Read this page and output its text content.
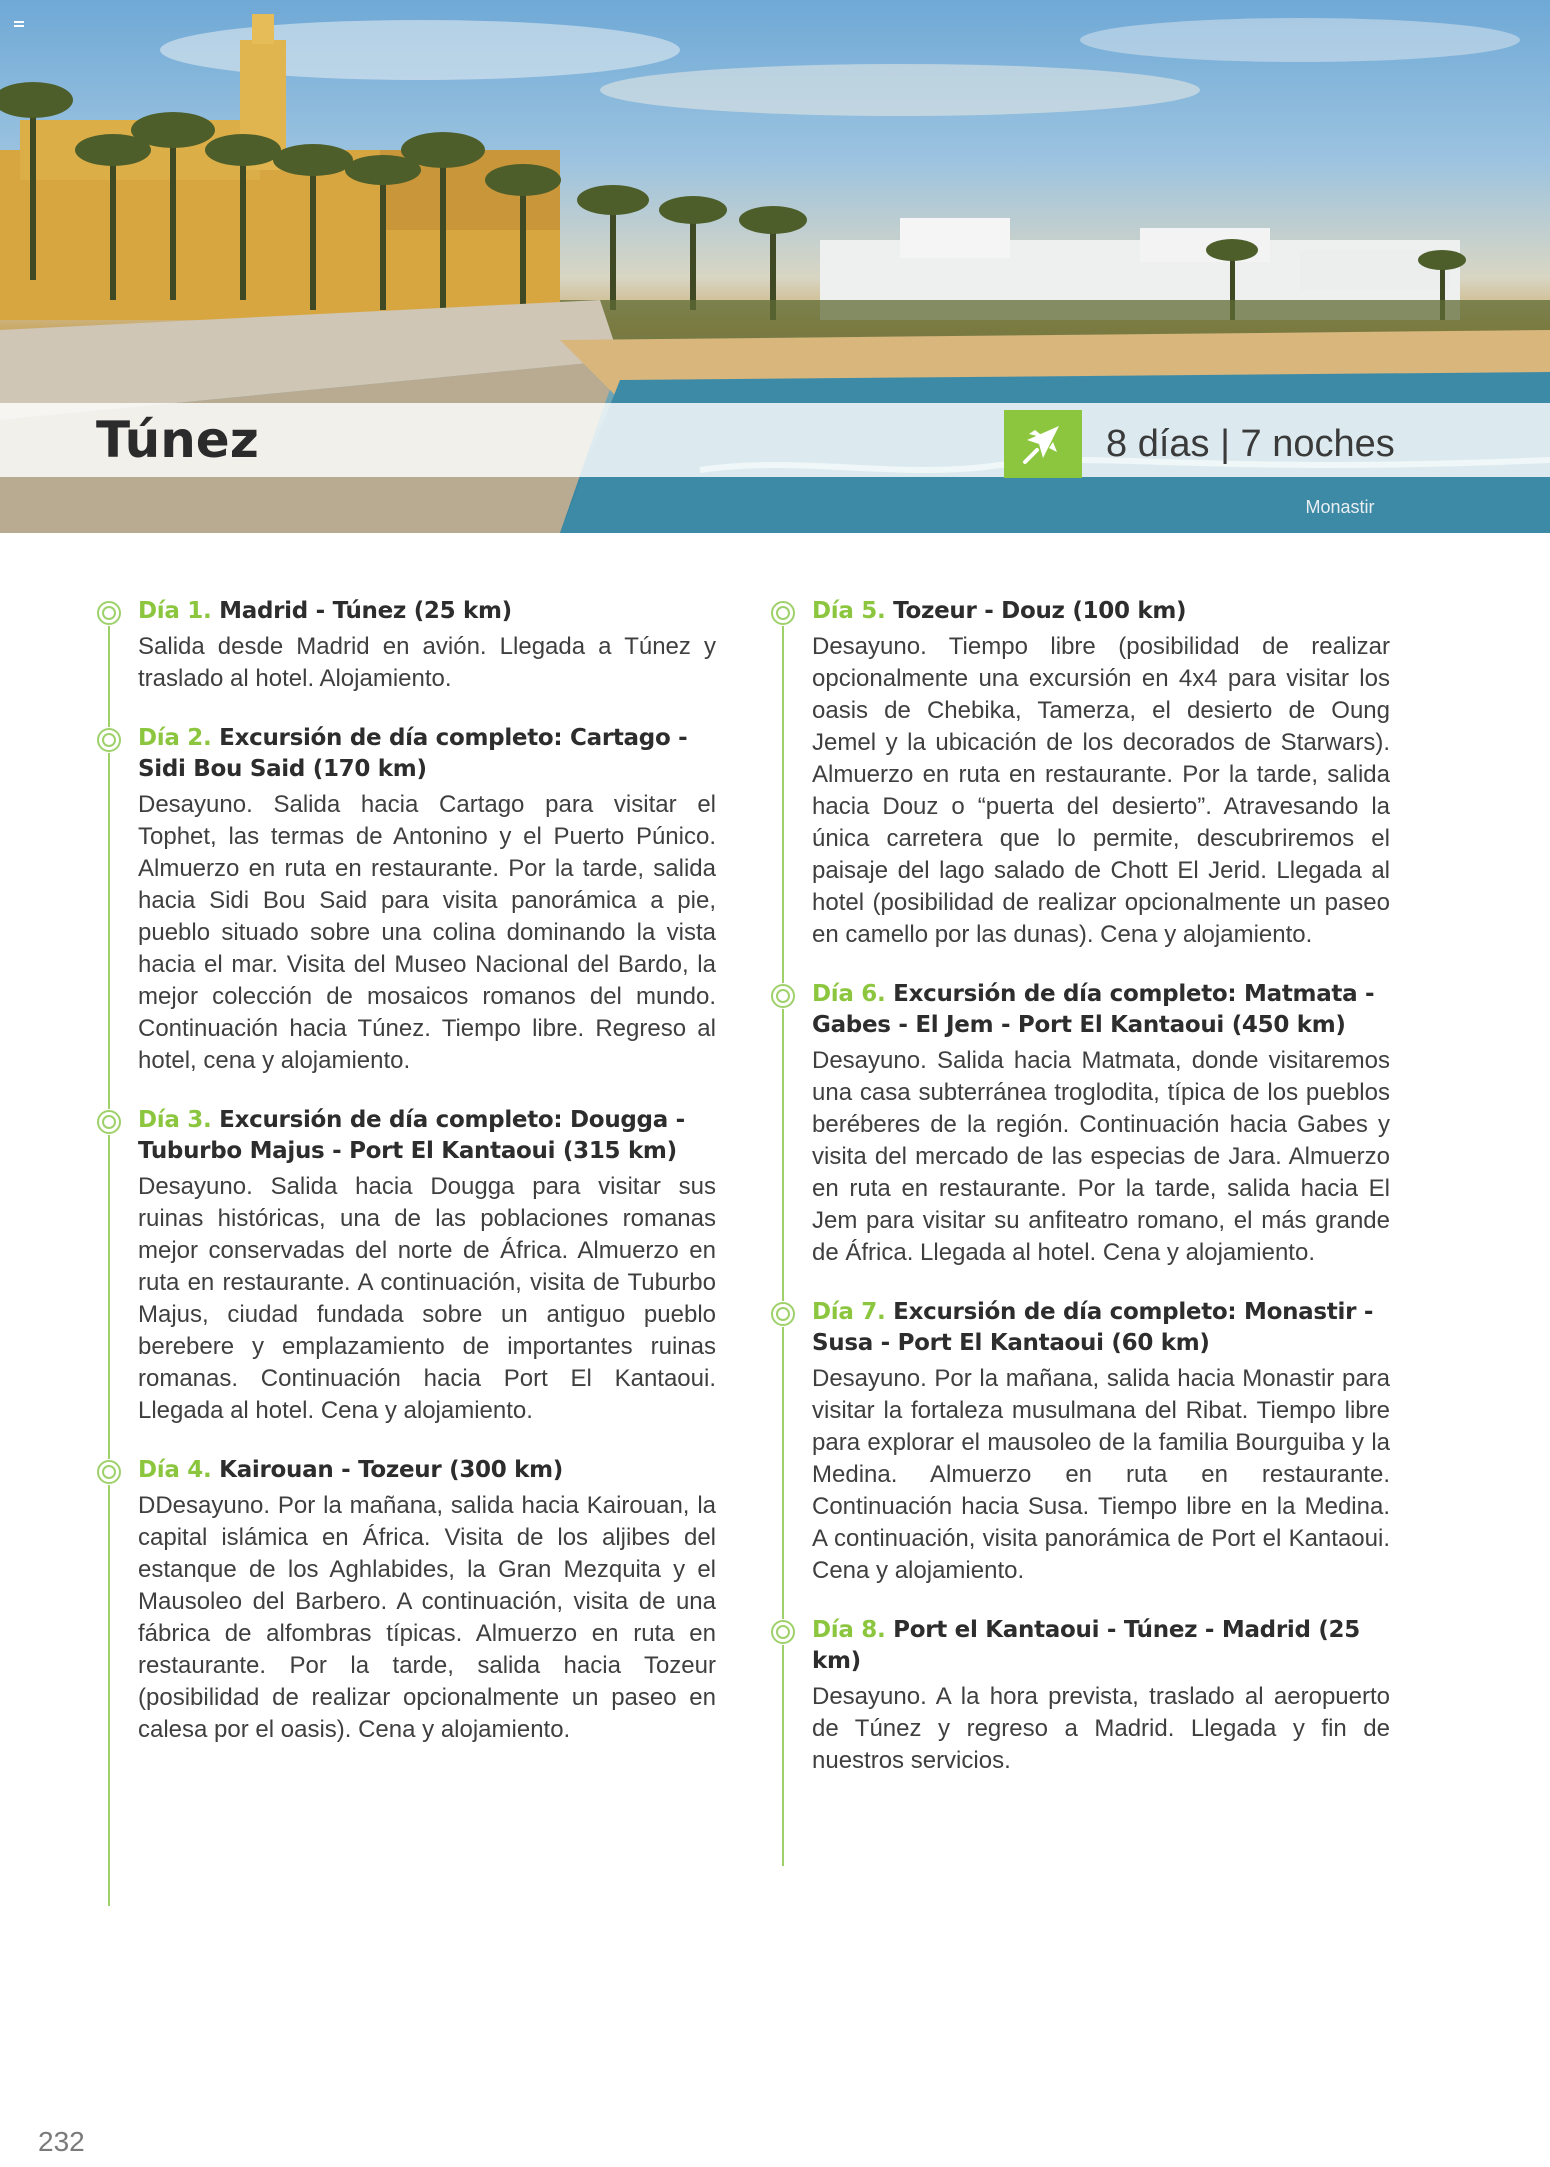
Túnez	8 días | 7 noches
Monastir
Día 1. Madrid - Túnez (25 km)
Salida desde Madrid en avión. Llegada a Túnez y traslado al hotel. Alojamiento.
Día 2. Excursión de día completo: Cartago - Sidi Bou Said (170 km)
Desayuno. Salida hacia Cartago para visitar el Tophet, las termas de Antonino y el Puerto Púnico. Almuerzo en ruta en restaurante. Por la tarde, salida hacia Sidi Bou Said para visita panorámica a pie, pueblo situado sobre una colina dominando la vista hacia el mar. Visita del Museo Nacional del Bardo, la mejor colección de mosaicos romanos del mundo. Continuación hacia Túnez. Tiempo libre. Regreso al hotel, cena y alojamiento.
Día 3. Excursión de día completo: Dougga - Tuburbo Majus - Port El Kantaoui (315 km)
Desayuno. Salida hacia Dougga para visitar sus ruinas históricas, una de las poblaciones romanas mejor conservadas del norte de África. Almuerzo en ruta en restaurante. A continuación, visita de Tuburbo Majus, ciudad fundada sobre un antiguo pueblo berebere y emplazamiento de importantes ruinas romanas. Continuación hacia Port El Kantaoui. Llegada al hotel. Cena y alojamiento.
Día 4. Kairouan - Tozeur (300 km)
DDesayuno. Por la mañana, salida hacia Kairouan, la capital islámica en África. Visita de los aljibes del estanque de los Aghlabides, la Gran Mezquita y el Mausoleo del Barbero. A continuación, visita de una fábrica de alfombras típicas. Almuerzo en ruta en restaurante. Por la tarde, salida hacia Tozeur (posibilidad de realizar opcionalmente un paseo en calesa por el oasis). Cena y alojamiento.
Día 5. Tozeur - Douz (100 km)
Desayuno. Tiempo libre (posibilidad de realizar opcionalmente una excursión en 4x4 para visitar los oasis de Chebika, Tamerza, el desierto de Oung Jemel y la ubicación de los decorados de Starwars). Almuerzo en ruta en restaurante. Por la tarde, salida hacia Douz o “puerta del desierto”. Atravesando la única carretera que lo permite, descubriremos el paisaje del lago salado de Chott El Jerid. Llegada al hotel (posibilidad de realizar opcionalmente un paseo en camello por las dunas). Cena y alojamiento.
Día 6. Excursión de día completo: Matmata - Gabes - El Jem - Port El Kantaoui (450 km)
Desayuno. Salida hacia Matmata, donde visitaremos una casa subterránea troglodita, típica de los pueblos beréberes de la región. Continuación hacia Gabes y visita del mercado de las especias de Jara. Almuerzo en ruta en restaurante. Por la tarde, salida hacia El Jem para visitar su anfiteatro romano, el más grande de África. Llegada al hotel. Cena y alojamiento.
Día 7. Excursión de día completo: Monastir - Susa - Port El Kantaoui (60 km)
Desayuno. Por la mañana, salida hacia Monastir para visitar la fortaleza musulmana del Ribat. Tiempo libre para explorar el mausoleo de la familia Bourguiba y la Medina. Almuerzo en ruta en restaurante. Continuación hacia Susa. Tiempo libre en la Medina. A continuación, visita panorámica de Port el Kantaoui. Cena y alojamiento.
Día 8. Port el Kantaoui - Túnez - Madrid (25 km)
Desayuno. A la hora prevista, traslado al aeropuerto de Túnez y regreso a Madrid. Llegada y fin de nuestros servicios.
232
